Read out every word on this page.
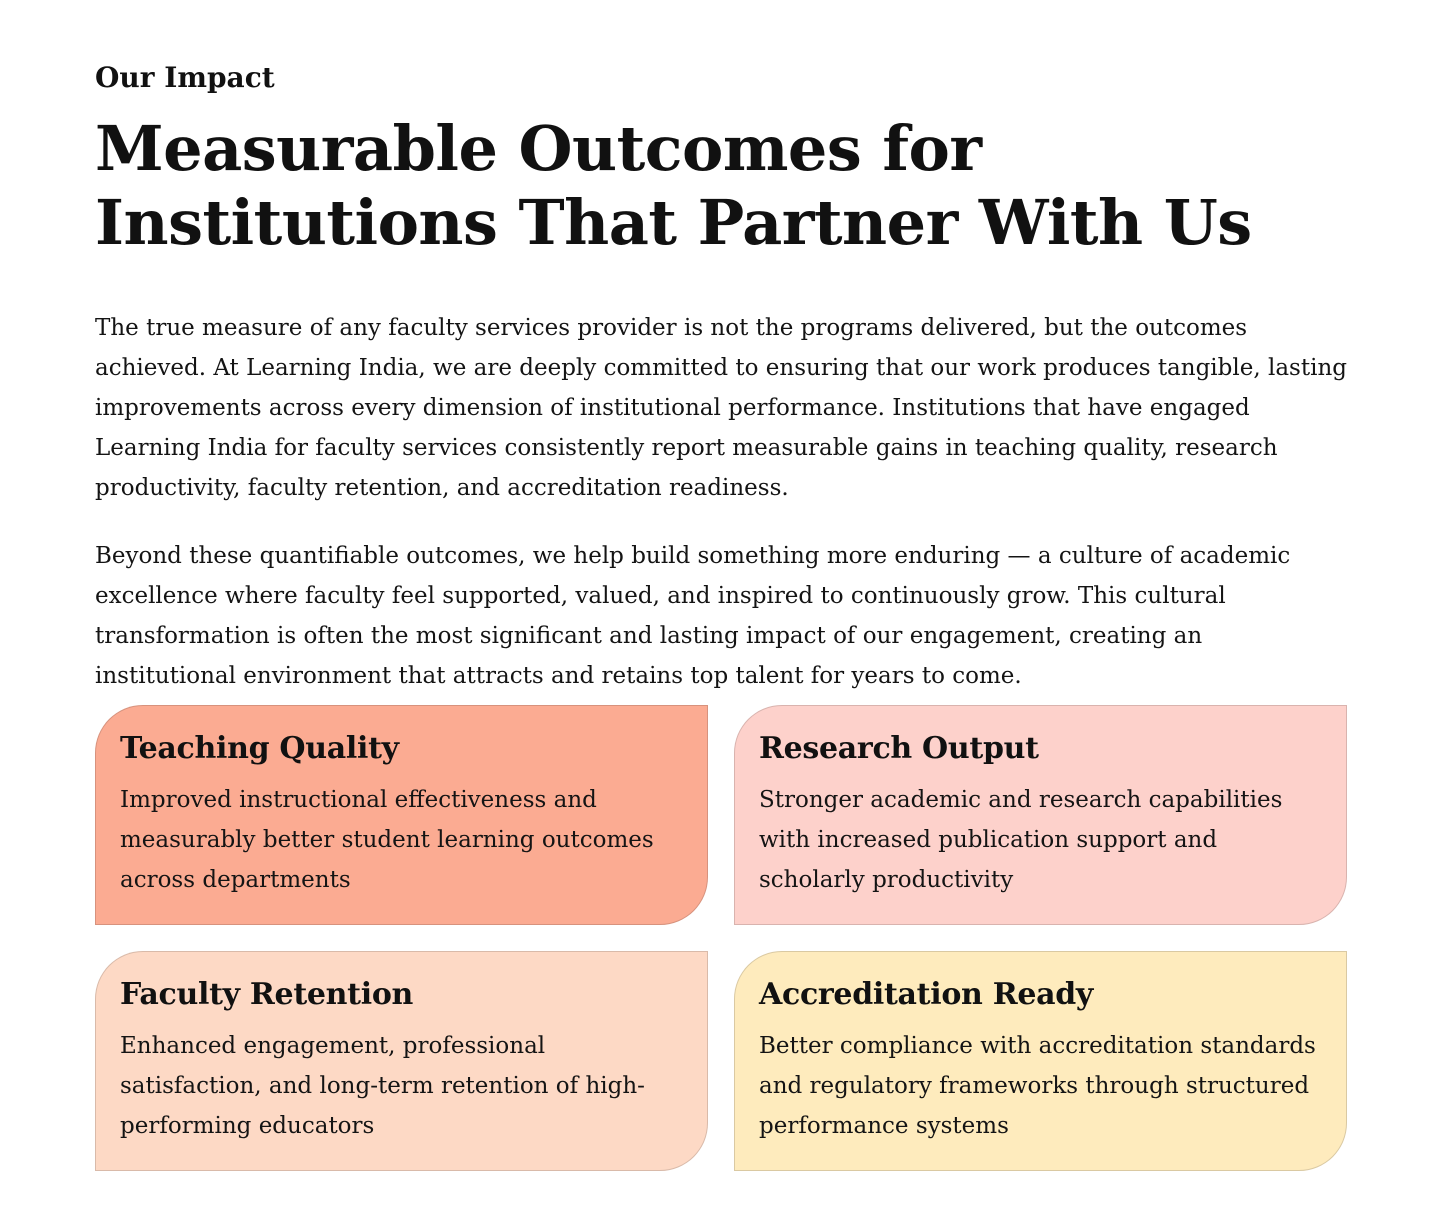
Our Impact
Measurable Outcomes for Institutions That Partner With Us

The true measure of any faculty services provider is not the programs delivered, but the outcomes achieved. At Learning India, we are deeply committed to ensuring that our work produces tangible, lasting improvements across every dimension of institutional performance. Institutions that have engaged Learning India for faculty services consistently report measurable gains in teaching quality, research productivity, faculty retention, and accreditation readiness.

Beyond these quantifiable outcomes, we help build something more enduring — a culture of academic excellence where faculty feel supported, valued, and inspired to continuously grow. This cultural transformation is often the most significant and lasting impact of our engagement, creating an institutional environment that attracts and retains top talent for years to come.

Teaching Quality

Improved instructional effectiveness and measurably better student learning outcomes across departments

Research Output

Stronger academic and research capabilities with increased publication support and scholarly productivity

Faculty Retention

Enhanced engagement, professional satisfaction, and long-term retention of high-performing educators

Accreditation Ready

Better compliance with accreditation standards and regulatory frameworks through structured performance systems
